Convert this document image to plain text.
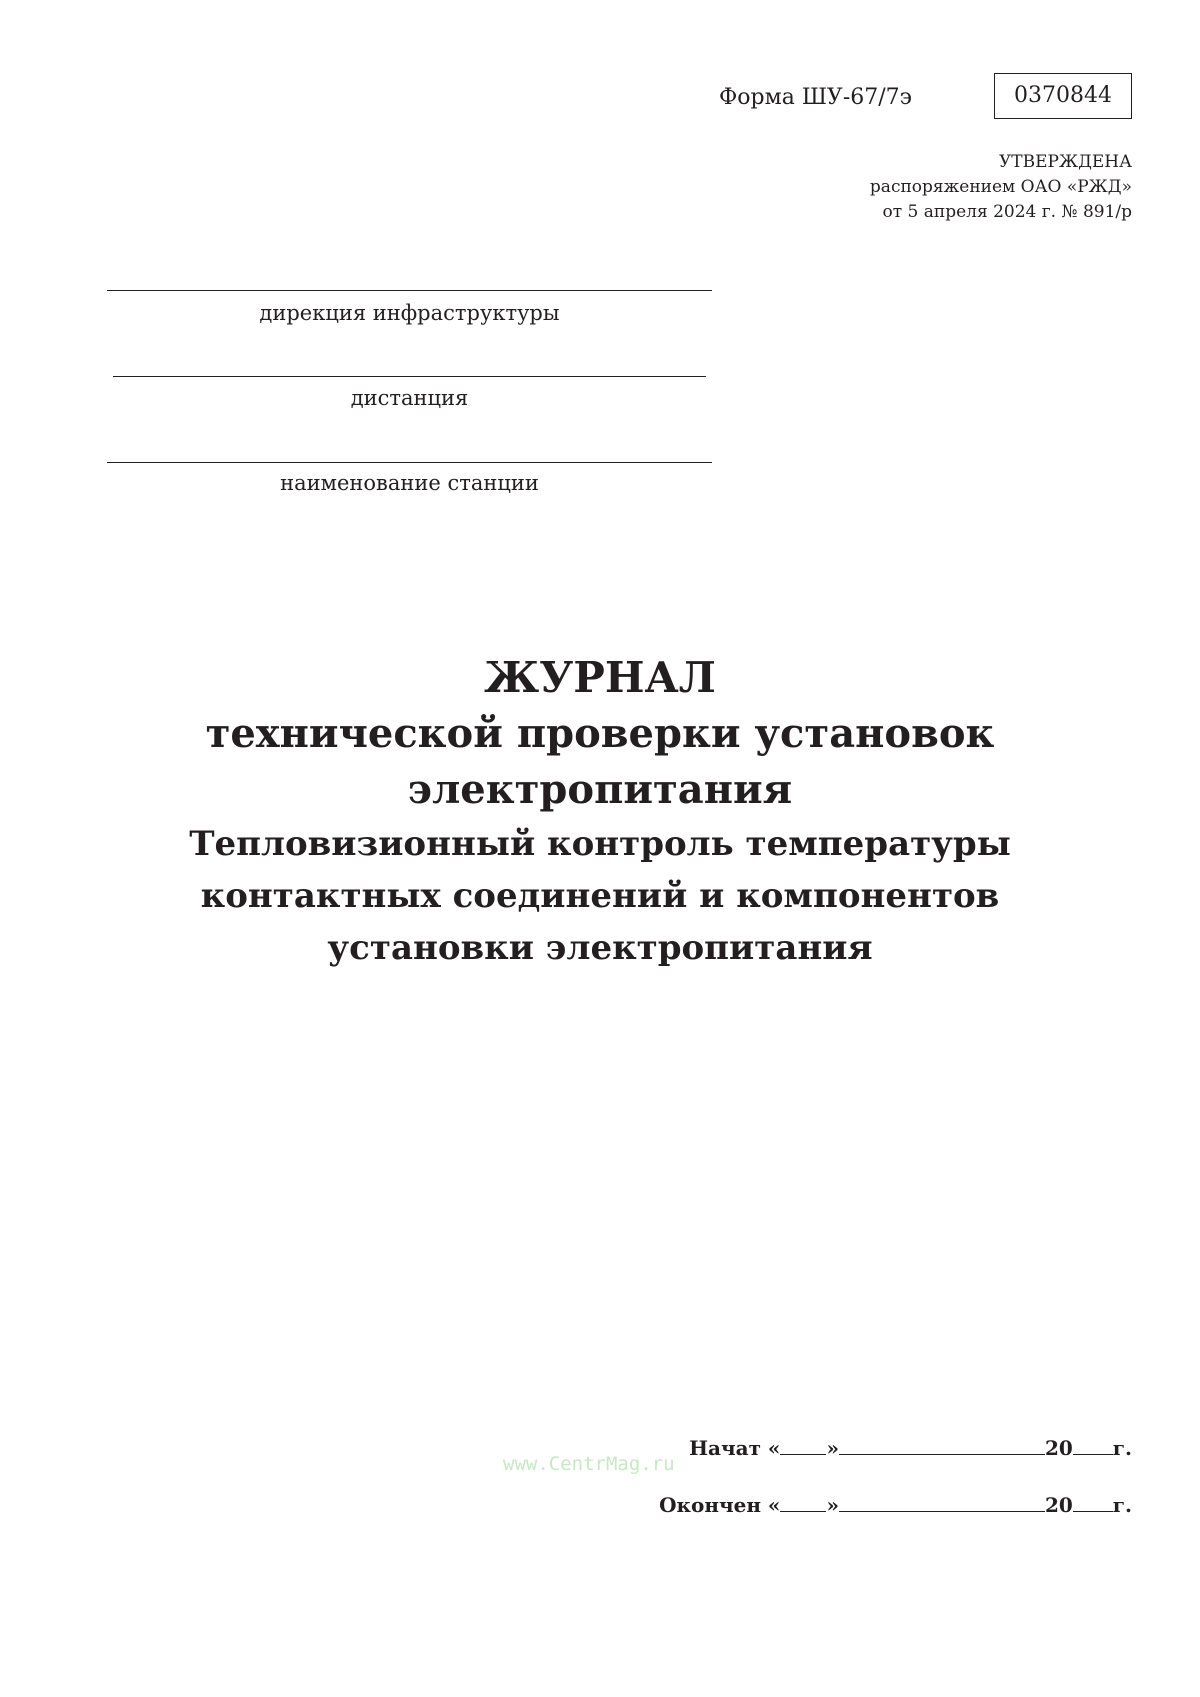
Форма ШУ-67/7э	0370844
УТВЕРЖДЕНА
распоряжением ОАО «РЖД»
от 5 апреля 2024 г. № 891/р
дирекция инфраструктуры
дистанция
наименование станции
ЖУРНАЛ
технической проверки установок
электропитания
Тепловизионный контроль температуры
контактных соединений и компонентов
установки электропитания
Начат « »	20 г.
www.CentrMag.ru
Окончен « »	20 г.
